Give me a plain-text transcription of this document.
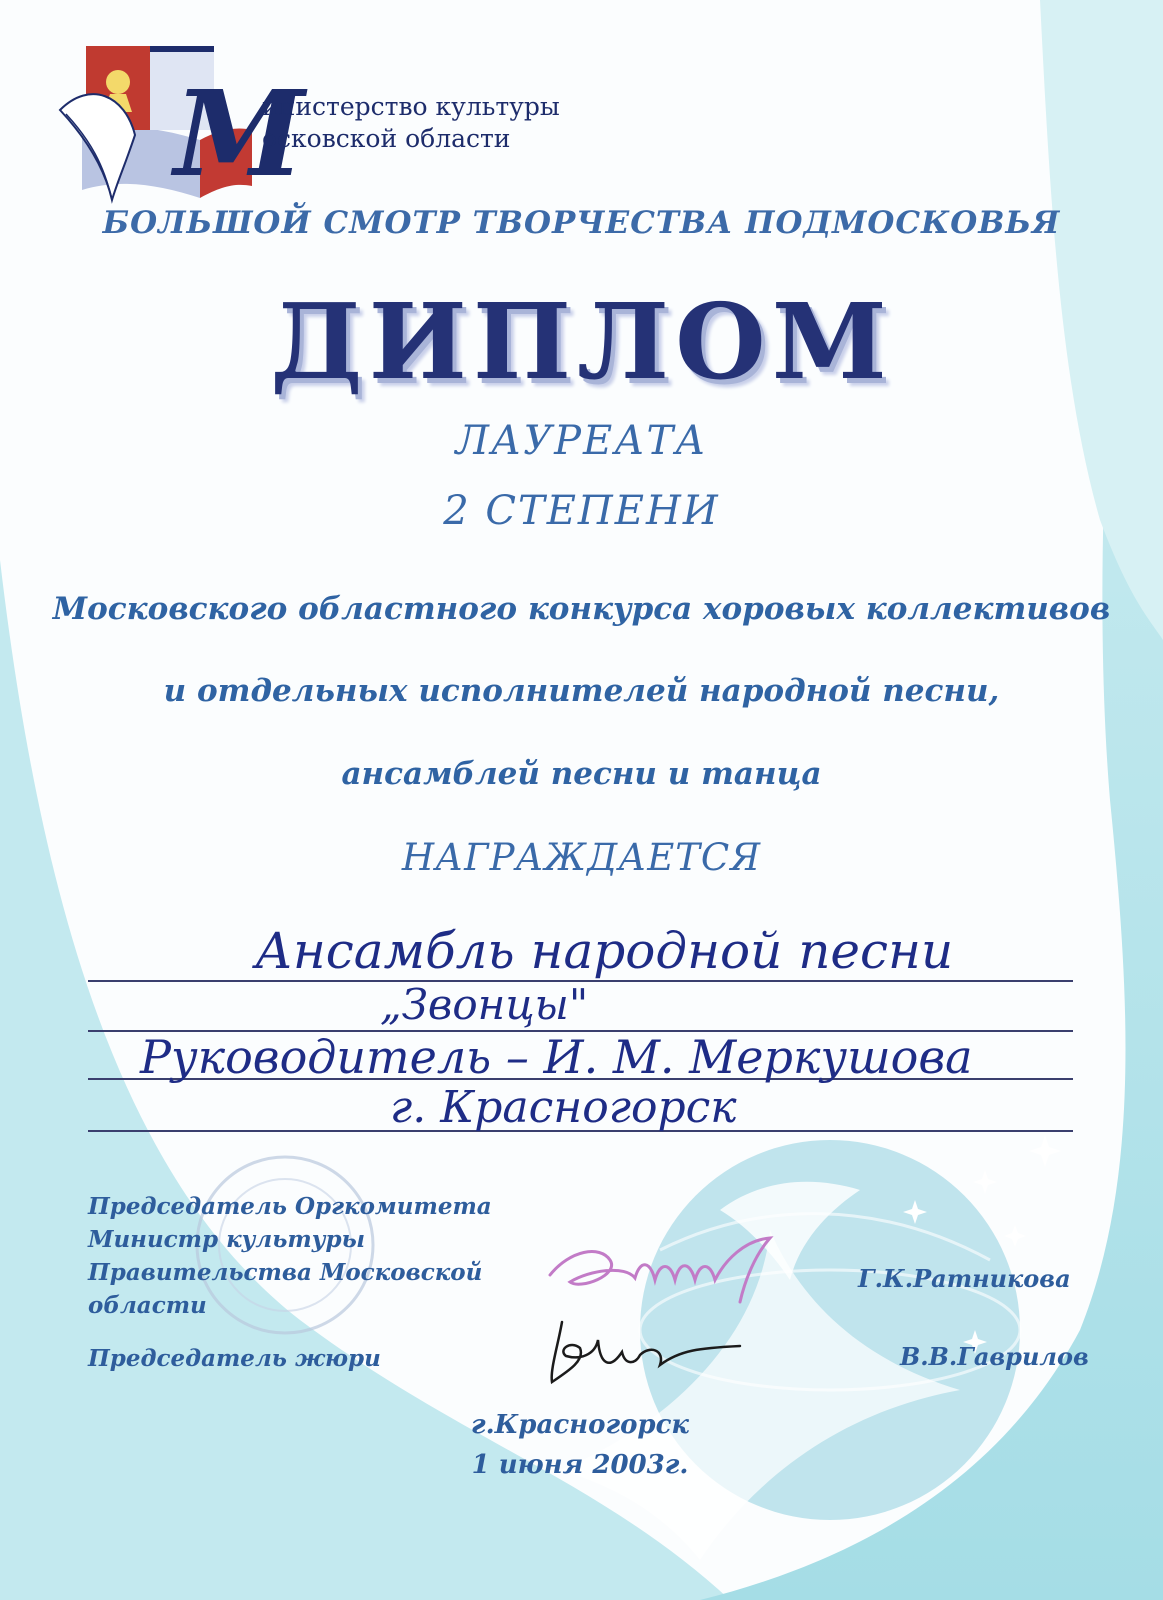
М
инистерство культуры
осковской области
БОЛЬШОЙ СМОТР ТВОРЧЕСТВА ПОДМОСКОВЬЯ
ДИПЛОМ
ЛАУРЕАТА
2 СТЕПЕНИ
Московского областного конкурса хоровых коллективов
и отдельных исполнителей народной песни,
ансамблей песни и танца
НАГРАЖДАЕТСЯ
Ансамбль народной песни
„Звонцы"
Руководитель – И. М. Меркушова
г. Красногорск
Председатель Оргкомитета
Министр культуры
Правительства Московской области
Г.К.Ратникова
Председатель жюри	В.В.Гаврилов
г.Красногорск
1 июня 2003г.
